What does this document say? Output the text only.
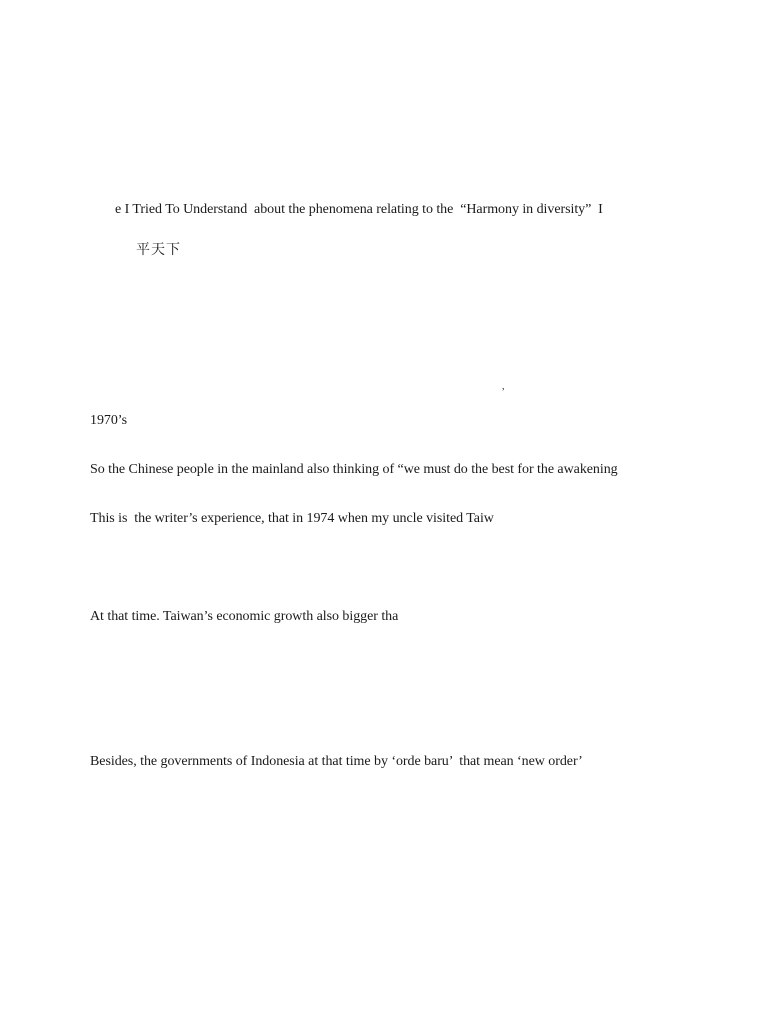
e I Tried To Understand  about the phenomena relating to the  “Harmony in diversity”  I
平天下
,
1970’s
So the Chinese people in the mainland also thinking of “we must do the best for the awakening
This is  the writer’s experience, that in 1974 when my uncle visited Taiw
At that time. Taiwan’s economic growth also bigger tha
Besides, the governments of Indonesia at that time by ‘orde baru’  that mean ‘new order’
